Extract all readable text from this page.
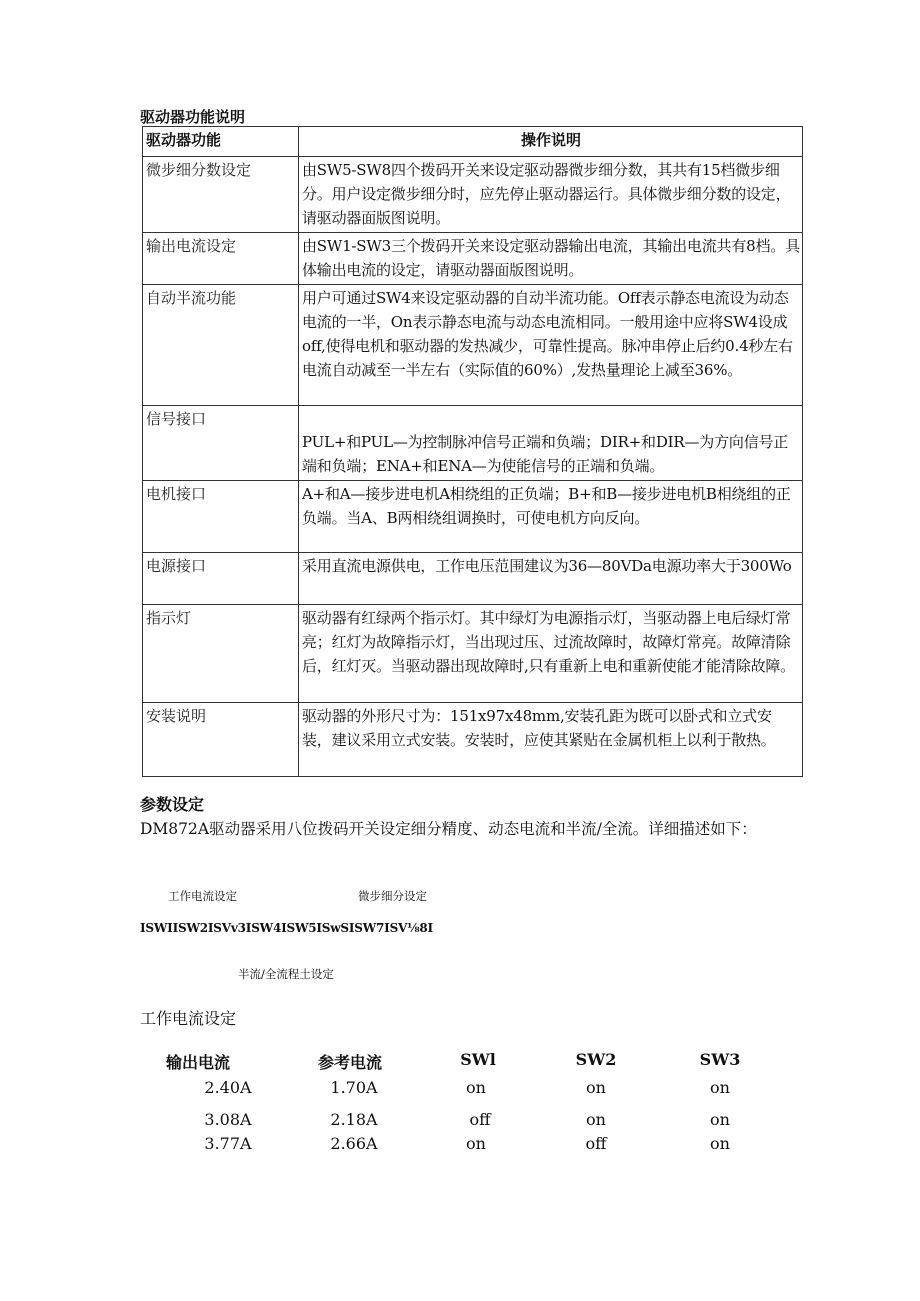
驱动器功能说明
驱动器功能	操作说明
微步细分数设定	由SW5-SW8四个拨码开关来设定驱动器微步细分数，其共有15档微步细分。用户设定微步细分时，应先停止驱动器运行。具体微步细分数的设定，请驱动器面版图说明。
输出电流设定	由SW1-SW3三个拨码开关来设定驱动器输出电流，其输出电流共有8档。具体输出电流的设定，请驱动器面版图说明。
自动半流功能	用户可通过SW4来设定驱动器的自动半流功能。Off表示静态电流设为动态电流的一半，On表示静态电流与动态电流相同。一般用途中应将SW4设成off,使得电机和驱动器的发热减少，可靠性提高。脉冲串停止后约0.4秒左右电流自动减至一半左右（实际值的60%）,发热量理论上减至36%。
信号接口	PUL+和PUL—为控制脉冲信号正端和负端；DIR+和DIR—为方向信号正端和负端；ENA+和ENA—为使能信号的正端和负端。
电机接口	A+和A—接步进电机A相绕组的正负端；B+和B—接步进电机B相绕组的正负端。当A、B两相绕组调换时，可使电机方向反向。
电源接口	采用直流电源供电，工作电压范围建议为36—80VDa电源功率大于300Wo
指示灯	驱动器有红绿两个指示灯。其中绿灯为电源指示灯，当驱动器上电后绿灯常亮；红灯为故障指示灯，当出现过压、过流故障时，故障灯常亮。故障清除后，红灯灭。当驱动器出现故障时,只有重新上电和重新使能才能清除故障。
安装说明	驱动器的外形尺寸为：151x97x48mm,安装孔距为既可以卧式和立式安装，建议采用立式安装。安装时，应使其紧贴在金属机柜上以利于散热。
参数设定
DM872A驱动器采用八位拨码开关设定细分精度、动态电流和半流/全流。详细描述如下：
工作电流设定	微步细分设定
ISWIISW2ISVv3ISW4ISW5ISwSISW7ISV⅛8I
半流/全流程土设定
工作电流设定
输出电流	参考电流	SWl	SW2	SW3
2.40A	1.70A	on	on	on
3.08A	2.18A	off	on	on
3.77A	2.66A	on	off	on
